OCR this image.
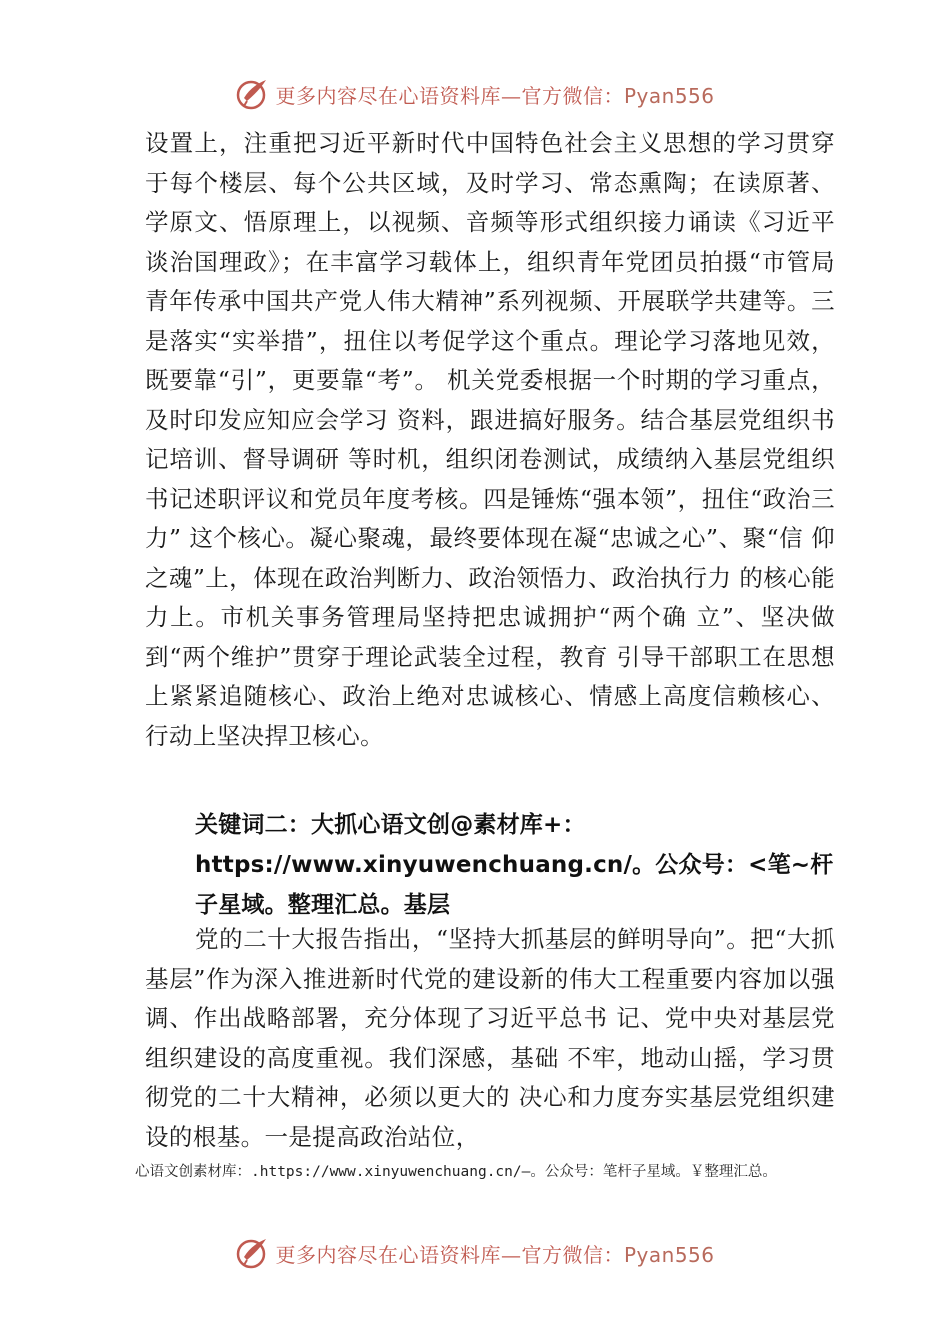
更多内容尽在心语资料库—官方微信：Pyan556

设置上，注重把习近平新时代中国特色社会主义思想的学习贯穿于每个楼层、每个公共区域，及时学习、常态熏陶；在读原著、学原文、悟原理上，以视频、音频等形式组织接力诵读《习近平谈治国理政》；在丰富学习载体上，组织青年党团员拍摄“市管局青年传承中国共产党人伟大精神”系列视频、开展联学共建等。三是落实“实举措”，扭住以考促学这个重点。理论学习落地见效，既要靠“引”，更要靠“考”。 机关党委根据一个时期的学习重点，及时印发应知应会学习 资料，跟进搞好服务。结合基层党组织书记培训、督导调研 等时机，组织闭卷测试，成绩纳入基层党组织书记述职评议和党员年度考核。四是锤炼“强本领”，扭住“政治三力” 这个核心。凝心聚魂，最终要体现在凝“忠诚之心”、聚“信 仰之魂”上，体现在政治判断力、政治领悟力、政治执行力 的核心能力上。市机关事务管理局坚持把忠诚拥护“两个确 立”、坚决做到“两个维护”贯穿于理论武装全过程，教育 引导干部职工在思想上紧紧追随核心、政治上绝对忠诚核心、情感上高度信赖核心、行动上坚决捍卫核心。

关键词二：大抓心语文创@素材库+：https://www.xinyuwenchuang.cn/。公众号：<笔~杆子星域。整理汇总。基层

党的二十大报告指出，“坚持大抓基层的鲜明导向”。把“大抓基层”作为深入推进新时代党的建设新的伟大工程重要内容加以强调、作出战略部署，充分体现了习近平总书 记、党中央对基层党组织建设的高度重视。我们深感，基础 不牢，地动山摇，学习贯彻党的二十大精神，必须以更大的 决心和力度夯实基层党组织建设的根基。一是提高政治站位，

心语文创素材库：.https://www.xinyuwenchuang.cn/—。公众号：笔杆子星域。￥整理汇总。
更多内容尽在心语资料库—官方微信：Pyan556
